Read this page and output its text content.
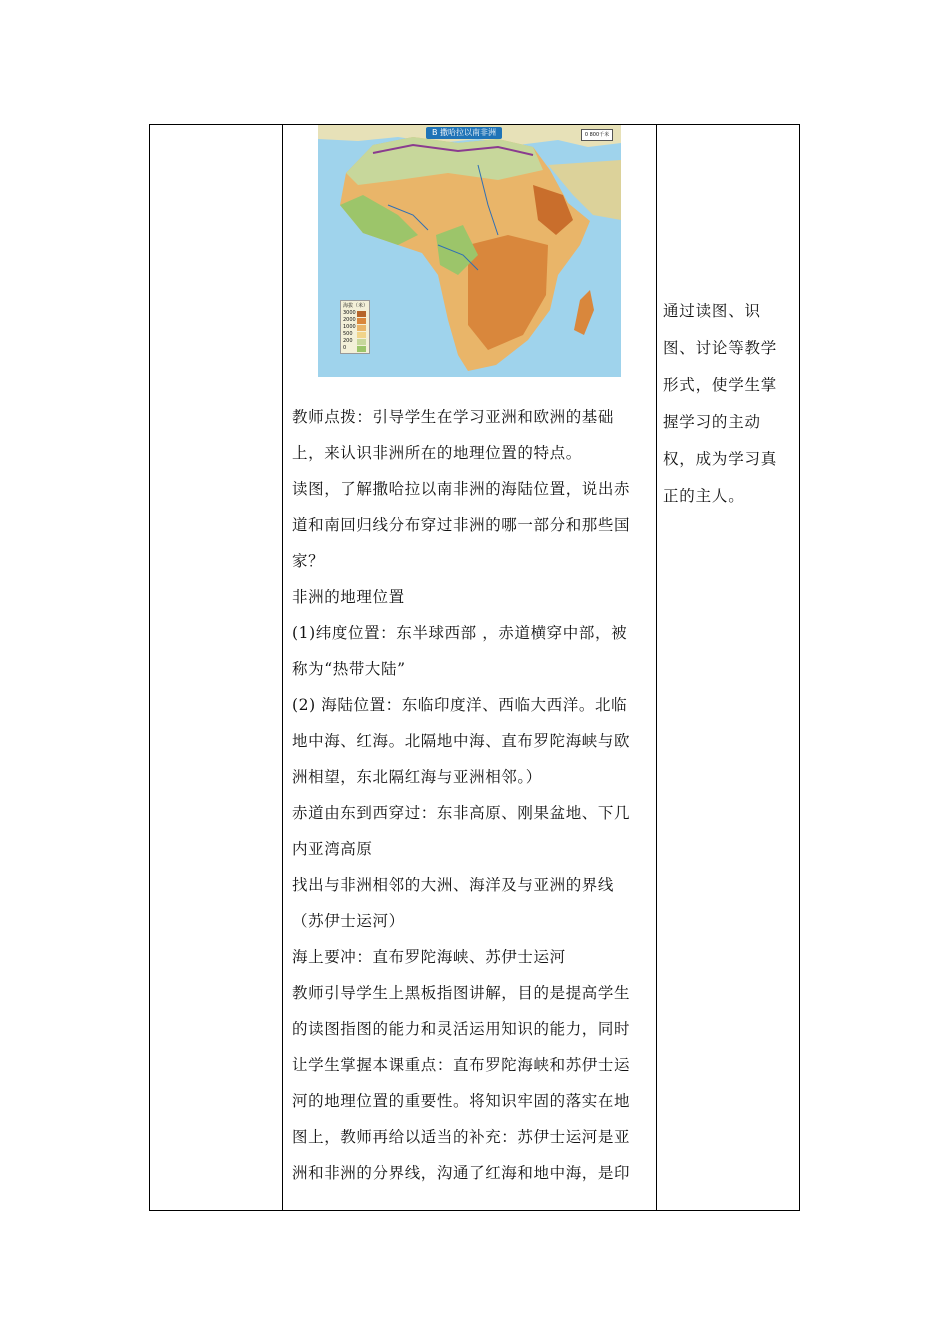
B 撒哈拉以南非洲	0 800千米
海拔（米）
3000
2000
1000
500
200
0

教师点拨：引导学生在学习亚洲和欧洲的基础

上，来认识非洲所在的地理位置的特点。

读图，了解撒哈拉以南非洲的海陆位置，说出赤

道和南回归线分布穿过非洲的哪一部分和那些国

家？

非洲的地理位置

(1)纬度位置：东半球西部 ，赤道横穿中部，被

称为“热带大陆”

(2) 海陆位置：东临印度洋、西临大西洋。北临

地中海、红海。北隔地中海、直布罗陀海峡与欧

洲相望，东北隔红海与亚洲相邻。）

赤道由东到西穿过：东非高原、刚果盆地、下几

内亚湾高原

找出与非洲相邻的大洲、海洋及与亚洲的界线

（苏伊士运河）

海上要冲：直布罗陀海峡、苏伊士运河

教师引导学生上黑板指图讲解，目的是提高学生

的读图指图的能力和灵活运用知识的能力，同时

让学生掌握本课重点：直布罗陀海峡和苏伊士运

河的地理位置的重要性。将知识牢固的落实在地

图上，教师再给以适当的补充：苏伊士运河是亚

洲和非洲的分界线，沟通了红海和地中海，是印

通过读图、识
图、讨论等教学
形式，使学生掌
握学习的主动
权，成为学习真
正的主人。
